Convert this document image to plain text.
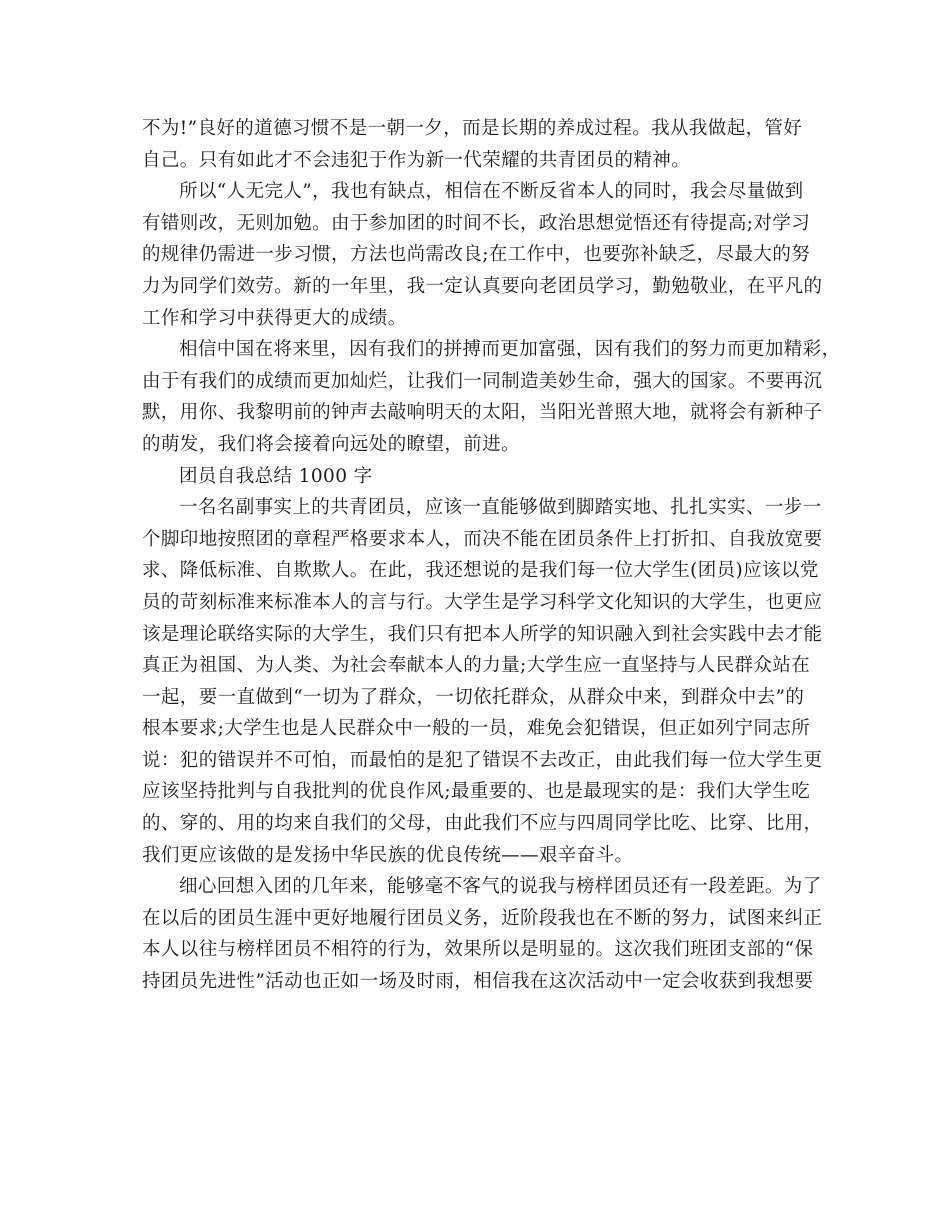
不为!”良好的道德习惯不是一朝一夕，而是长期的养成过程。我从我做起，管好
自己。只有如此才不会违犯于作为新一代荣耀的共青团员的精神。
所以“人无完人”，我也有缺点，相信在不断反省本人的同时，我会尽量做到
有错则改，无则加勉。由于参加团的时间不长，政治思想觉悟还有待提高;对学习
的规律仍需进一步习惯，方法也尚需改良;在工作中，也要弥补缺乏，尽最大的努
力为同学们效劳。新的一年里，我一定认真要向老团员学习，勤勉敬业，在平凡的
工作和学习中获得更大的成绩。
相信中国在将来里，因有我们的拼搏而更加富强，因有我们的努力而更加精彩，
由于有我们的成绩而更加灿烂，让我们一同制造美妙生命，强大的国家。不要再沉
默，用你、我黎明前的钟声去敲响明天的太阳，当阳光普照大地，就将会有新种子
的萌发，我们将会接着向远处的瞭望，前进。
团员自我总结 1000 字
一名名副事实上的共青团员，应该一直能够做到脚踏实地、扎扎实实、一步一
个脚印地按照团的章程严格要求本人，而决不能在团员条件上打折扣、自我放宽要
求、降低标准、自欺欺人。在此，我还想说的是我们每一位大学生(团员)应该以党
员的苛刻标准来标准本人的言与行。大学生是学习科学文化知识的大学生，也更应
该是理论联络实际的大学生，我们只有把本人所学的知识融入到社会实践中去才能
真正为祖国、为人类、为社会奉献本人的力量;大学生应一直坚持与人民群众站在
一起，要一直做到“一切为了群众，一切依托群众，从群众中来，到群众中去”的
根本要求;大学生也是人民群众中一般的一员，难免会犯错误，但正如列宁同志所
说：犯的错误并不可怕，而最怕的是犯了错误不去改正，由此我们每一位大学生更
应该坚持批判与自我批判的优良作风;最重要的、也是最现实的是：我们大学生吃
的、穿的、用的均来自我们的父母，由此我们不应与四周同学比吃、比穿、比用，
我们更应该做的是发扬中华民族的优良传统——艰辛奋斗。
细心回想入团的几年来，能够毫不客气的说我与榜样团员还有一段差距。为了
在以后的团员生涯中更好地履行团员义务，近阶段我也在不断的努力，试图来纠正
本人以往与榜样团员不相符的行为，效果所以是明显的。这次我们班团支部的“保
持团员先进性”活动也正如一场及时雨，相信我在这次活动中一定会收获到我想要
